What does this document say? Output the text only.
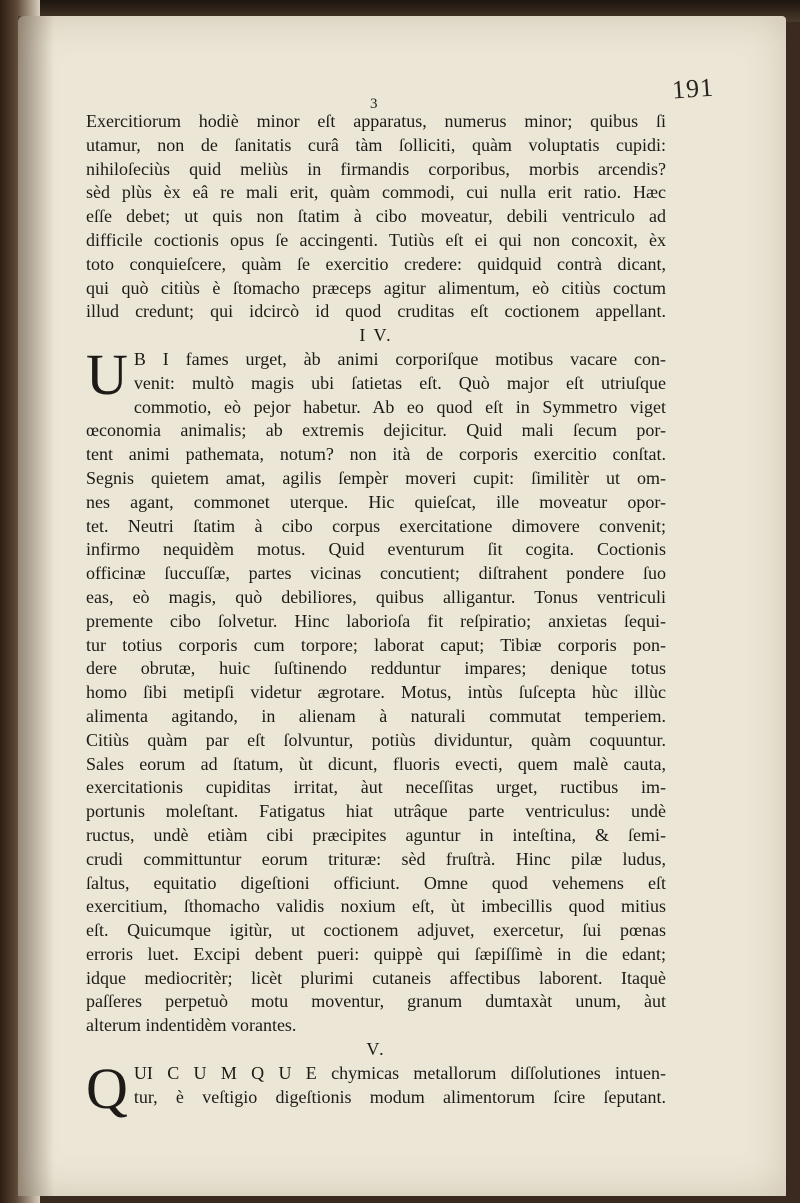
191
3
Exercitiorum hodiè minor eſt apparatus, numerus minor; quibus ſi
utamur, non de ſanitatis curâ tàm ſolliciti, quàm voluptatis cupidi:
nihiloſeciùs quid meliùs in firmandis corporibus, morbis arcendis?
sèd plùs èx eâ re mali erit, quàm commodi, cui nulla erit ratio. Hæc
eſſe debet; ut quis non ſtatim à cibo moveatur, debili ventriculo ad
difficile coctionis opus ſe accingenti. Tutiùs eſt ei qui non concoxit, èx
toto conquieſcere, quàm ſe exercitio credere: quidquid contrà dicant,
qui quò citiùs è ſtomacho præceps agitur alimentum, eò citiùs coctum
illud credunt; qui idcircò id quod cruditas eſt coctionem appellant.
I V.
U B I fames urget, àb animi corporiſque motibus vacare con-
venit: multò magis ubi ſatietas eſt. Quò major eſt utriuſque
commotio, eò pejor habetur. Ab eo quod eſt in Symmetro viget
œconomia animalis; ab extremis dejicitur. Quid mali ſecum por-
tent animi pathemata, notum? non ità de corporis exercitio conſtat.
Segnis quietem amat, agilis ſempèr moveri cupit: ſimilitèr ut om-
nes agant, commonet uterque. Hic quieſcat, ille moveatur opor-
tet. Neutri ſtatim à cibo corpus exercitatione dimovere convenit;
infirmo nequidèm motus. Quid eventurum ſit cogita. Coctionis
officinæ ſuccuſſæ, partes vicinas concutient; diſtrahent pondere ſuo
eas, eò magis, quò debiliores, quibus alligantur. Tonus ventriculi
premente cibo ſolvetur. Hinc laborioſa fit reſpiratio; anxietas ſequi-
tur totius corporis cum torpore; laborat caput; Tibiæ corporis pon-
dere obrutæ, huic ſuſtinendo redduntur impares; denique totus
homo ſibi metipſi videtur ægrotare. Motus, intùs ſuſcepta hùc illùc
alimenta agitando, in alienam à naturali commutat temperiem.
Citiùs quàm par eſt ſolvuntur, potiùs dividuntur, quàm coquuntur.
Sales eorum ad ſtatum, ùt dicunt, fluoris evecti, quem malè cauta,
exercitationis cupiditas irritat, àut neceſſitas urget, ructibus im-
portunis moleſtant. Fatigatus hiat utrâque parte ventriculus: undè
ructus, undè etiàm cibi præcipites aguntur in inteſtina, & ſemi-
crudi committuntur eorum trituræ: sèd fruſtrà. Hinc pilæ ludus,
ſaltus, equitatio digeſtioni officiunt. Omne quod vehemens eſt
exercitium, ſthomacho validis noxium eſt, ùt imbecillis quod mitius
eſt. Quicumque igitùr, ut coctionem adjuvet, exercetur, ſui pœnas
erroris luet. Excipi debent pueri: quippè qui ſæpiſſimè in die edant;
idque mediocritèr; licèt plurimi cutaneis affectibus laborent. Itaquè
paſſeres perpetuò motu moventur, granum dumtaxàt unum, àut
alterum indentidèm vorantes.
V.
Q UI C U M Q U E chymicas metallorum diſſolutiones intuen-
tur, è veſtigio digeſtionis modum alimentorum ſcire ſeputant.
